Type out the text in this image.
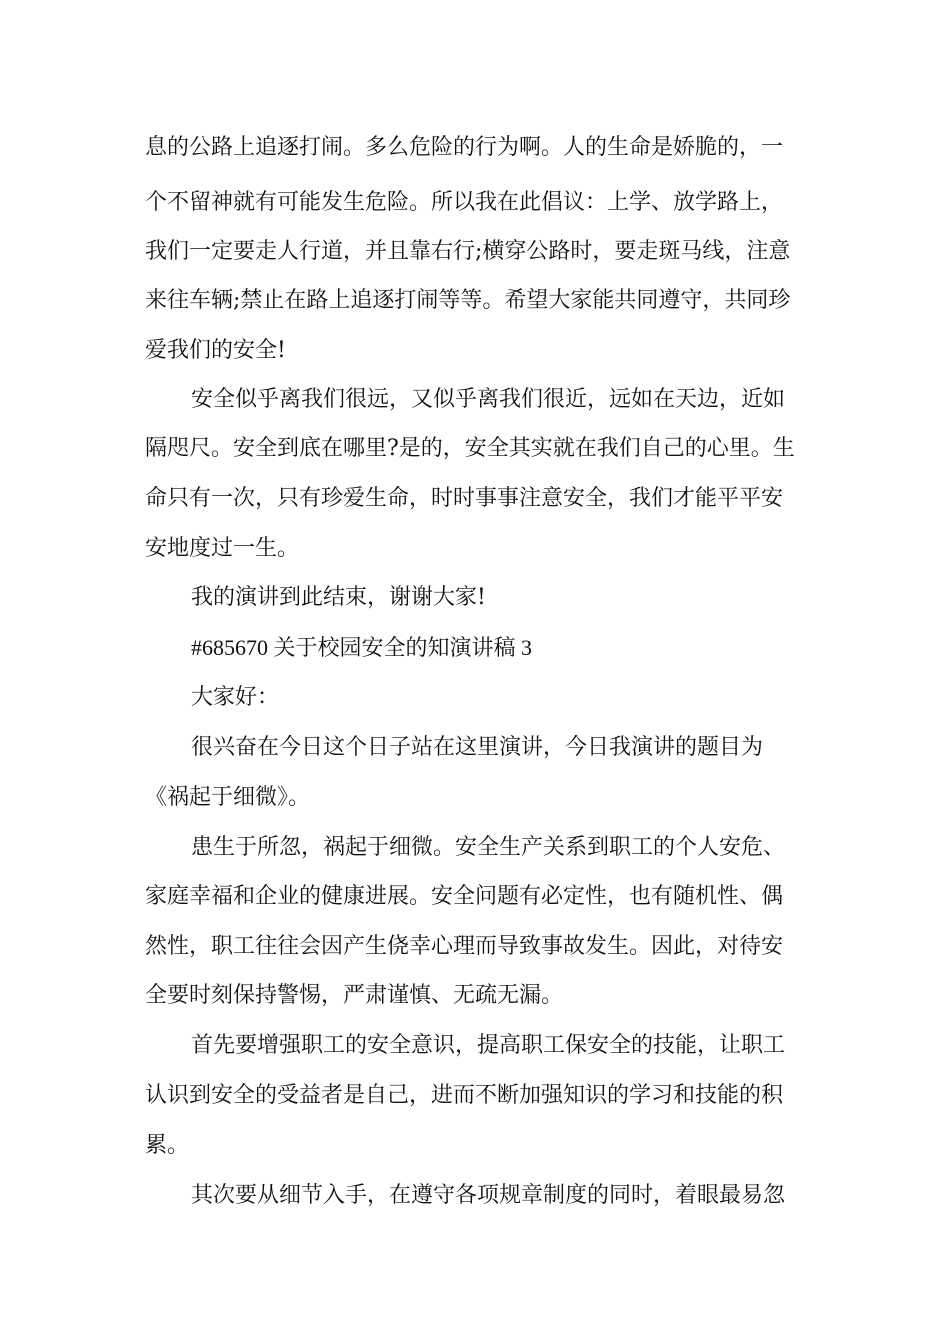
息的公路上追逐打闹。多么危险的行为啊。人的生命是娇脆的，一
个不留神就有可能发生危险。所以我在此倡议：上学、放学路上，
我们一定要走人行道，并且靠右行;横穿公路时，要走斑马线，注意
来往车辆;禁止在路上追逐打闹等等。希望大家能共同遵守，共同珍
爱我们的安全!
安全似乎离我们很远，又似乎离我们很近，远如在天边，近如
隔咫尺。安全到底在哪里?是的，安全其实就在我们自己的心里。生
命只有一次，只有珍爱生命，时时事事注意安全，我们才能平平安
安地度过一生。
我的演讲到此结束，谢谢大家!
#685670 关于校园安全的知演讲稿 3
大家好：
很兴奋在今日这个日子站在这里演讲，今日我演讲的题目为
《祸起于细微》。
患生于所忽，祸起于细微。安全生产关系到职工的个人安危、
家庭幸福和企业的健康进展。安全问题有必定性，也有随机性、偶
然性，职工往往会因产生侥幸心理而导致事故发生。因此，对待安
全要时刻保持警惕，严肃谨慎、无疏无漏。
首先要增强职工的安全意识，提高职工保安全的技能，让职工
认识到安全的受益者是自己，进而不断加强知识的学习和技能的积
累。
其次要从细节入手，在遵守各项规章制度的同时，着眼最易忽
